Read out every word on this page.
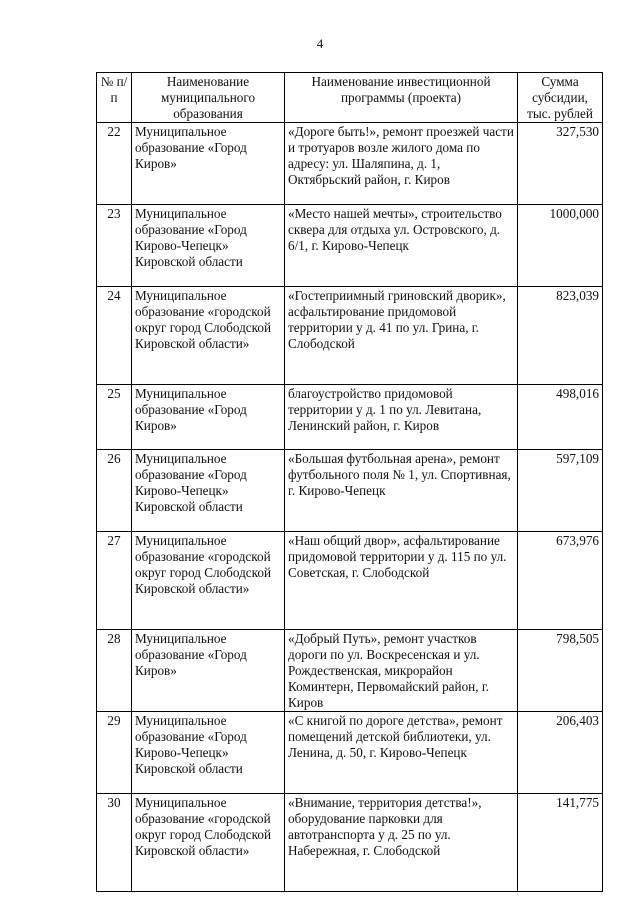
4
№ п/п	Наименование муниципального образования	Наименование инвестиционной программы (проекта)	Сумма субсидии, тыс. рублей
22	Муниципальное образование «Город Киров»	«Дороге быть!», ремонт проезжей части и тротуаров возле жилого дома по адресу: ул. Шаляпина, д. 1, Октябрьский район, г. Киров	327,530
23	Муниципальное образование «Город Кирово-Чепецк» Кировской области	«Место нашей мечты», строительство сквера для отдыха ул. Островского, д. 6/1, г. Кирово-Чепецк	1000,000
24	Муниципальное образование «городской округ город Слободской Кировской области»	«Гостеприимный гриновский дворик», асфальтирование придомовой территории у д. 41 по ул. Грина, г. Слободской	823,039
25	Муниципальное образование «Город Киров»	благоустройство придомовой территории у д. 1 по ул. Левитана, Ленинский район, г. Киров	498,016
26	Муниципальное образование «Город Кирово-Чепецк» Кировской области	«Большая футбольная арена», ремонт футбольного поля № 1, ул. Спортивная, г. Кирово-Чепецк	597,109
27	Муниципальное образование «городской округ город Слободской Кировской области»	«Наш общий двор», асфальтирование придомовой территории у д. 115 по ул. Советская, г. Слободской	673,976
28	Муниципальное образование «Город Киров»	«Добрый Путь», ремонт участков дороги по ул. Воскресенская и ул. Рождественская, микрорайон Коминтерн, Первомайский район, г. Киров	798,505
29	Муниципальное образование «Город Кирово-Чепецк» Кировской области	«С книгой по дороге детства», ремонт помещений детской библиотеки, ул. Ленина, д. 50, г. Кирово-Чепецк	206,403
30	Муниципальное образование «городской округ город Слободской Кировской области»	«Внимание, территория детства!», оборудование парковки для автотранспорта у д. 25 по ул. Набережная, г. Слободской	141,775
